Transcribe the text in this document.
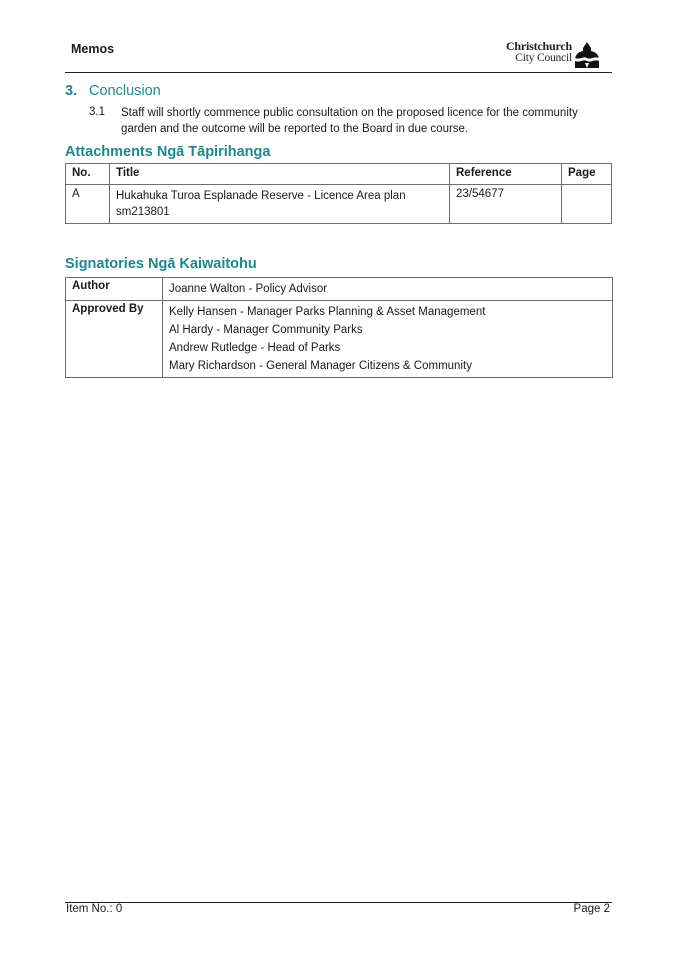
Memos	Christchurch
City Council
3. Conclusion
3.1 Staff will shortly commence public consultation on the proposed licence for the community garden and the outcome will be reported to the Board in due course.
Attachments Ngā Tāpirihanga
No.	Title	Reference	Page
A	Hukahuka Turoa Esplanade Reserve - Licence Area plan sm213801	23/54677	
Signatories Ngā Kaiwaitohu
Author	Joanne Walton - Policy Advisor

Approved By	Kelly Hansen - Manager Parks Planning & Asset Management
Al Hardy - Manager Community Parks
Andrew Rutledge - Head of Parks
Mary Richardson - General Manager Citizens & Community
Item No.: 0	Page 2
